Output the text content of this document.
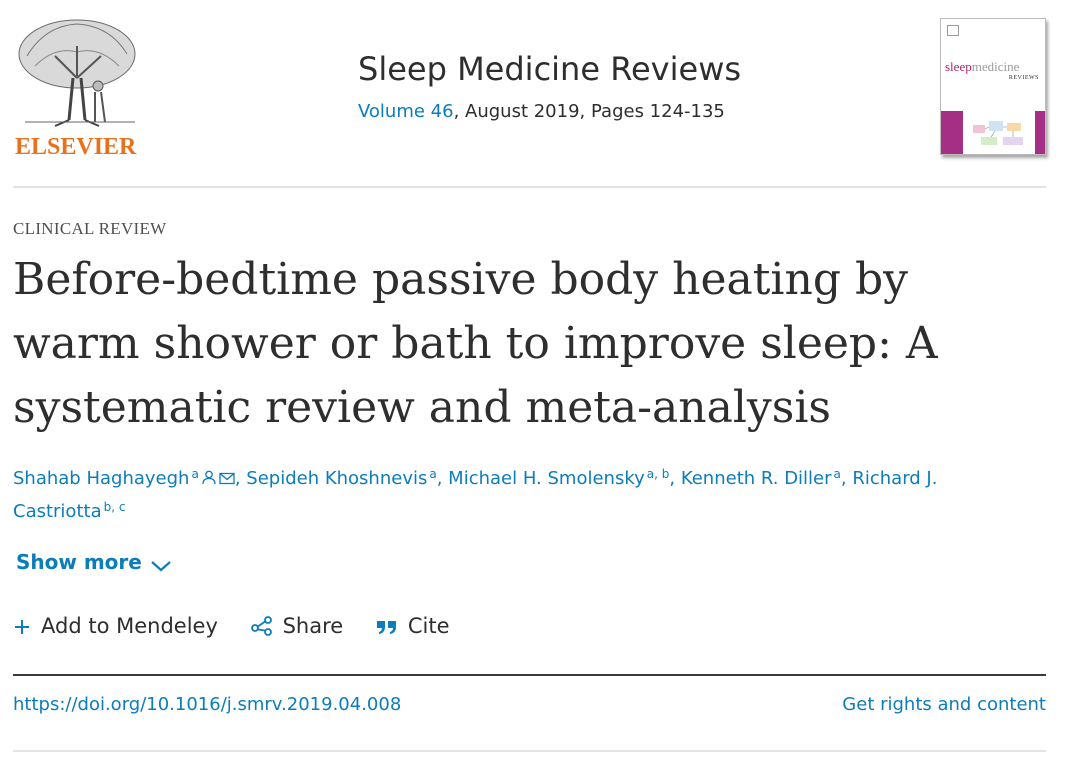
ELSEVIER
Sleep Medicine Reviews
Volume 46, August 2019, Pages 124-135
sleepmedicine
REVIEWS
CLINICAL REVIEW
Before-bedtime passive body heating by warm shower or bath to improve sleep: A systematic review and meta-analysis
Shahab Haghayegh $^a$ , Sepideh Khoshnevis $^a$, Michael H. Smolensky $^{a, b}$, Kenneth R. Diller $^a$, Richard J. Castriotta $^{b, c}$
Show more
Add to Mendeley	Share	Cite
https://doi.org/10.1016/j.smrv.2019.04.008	Get rights and content
